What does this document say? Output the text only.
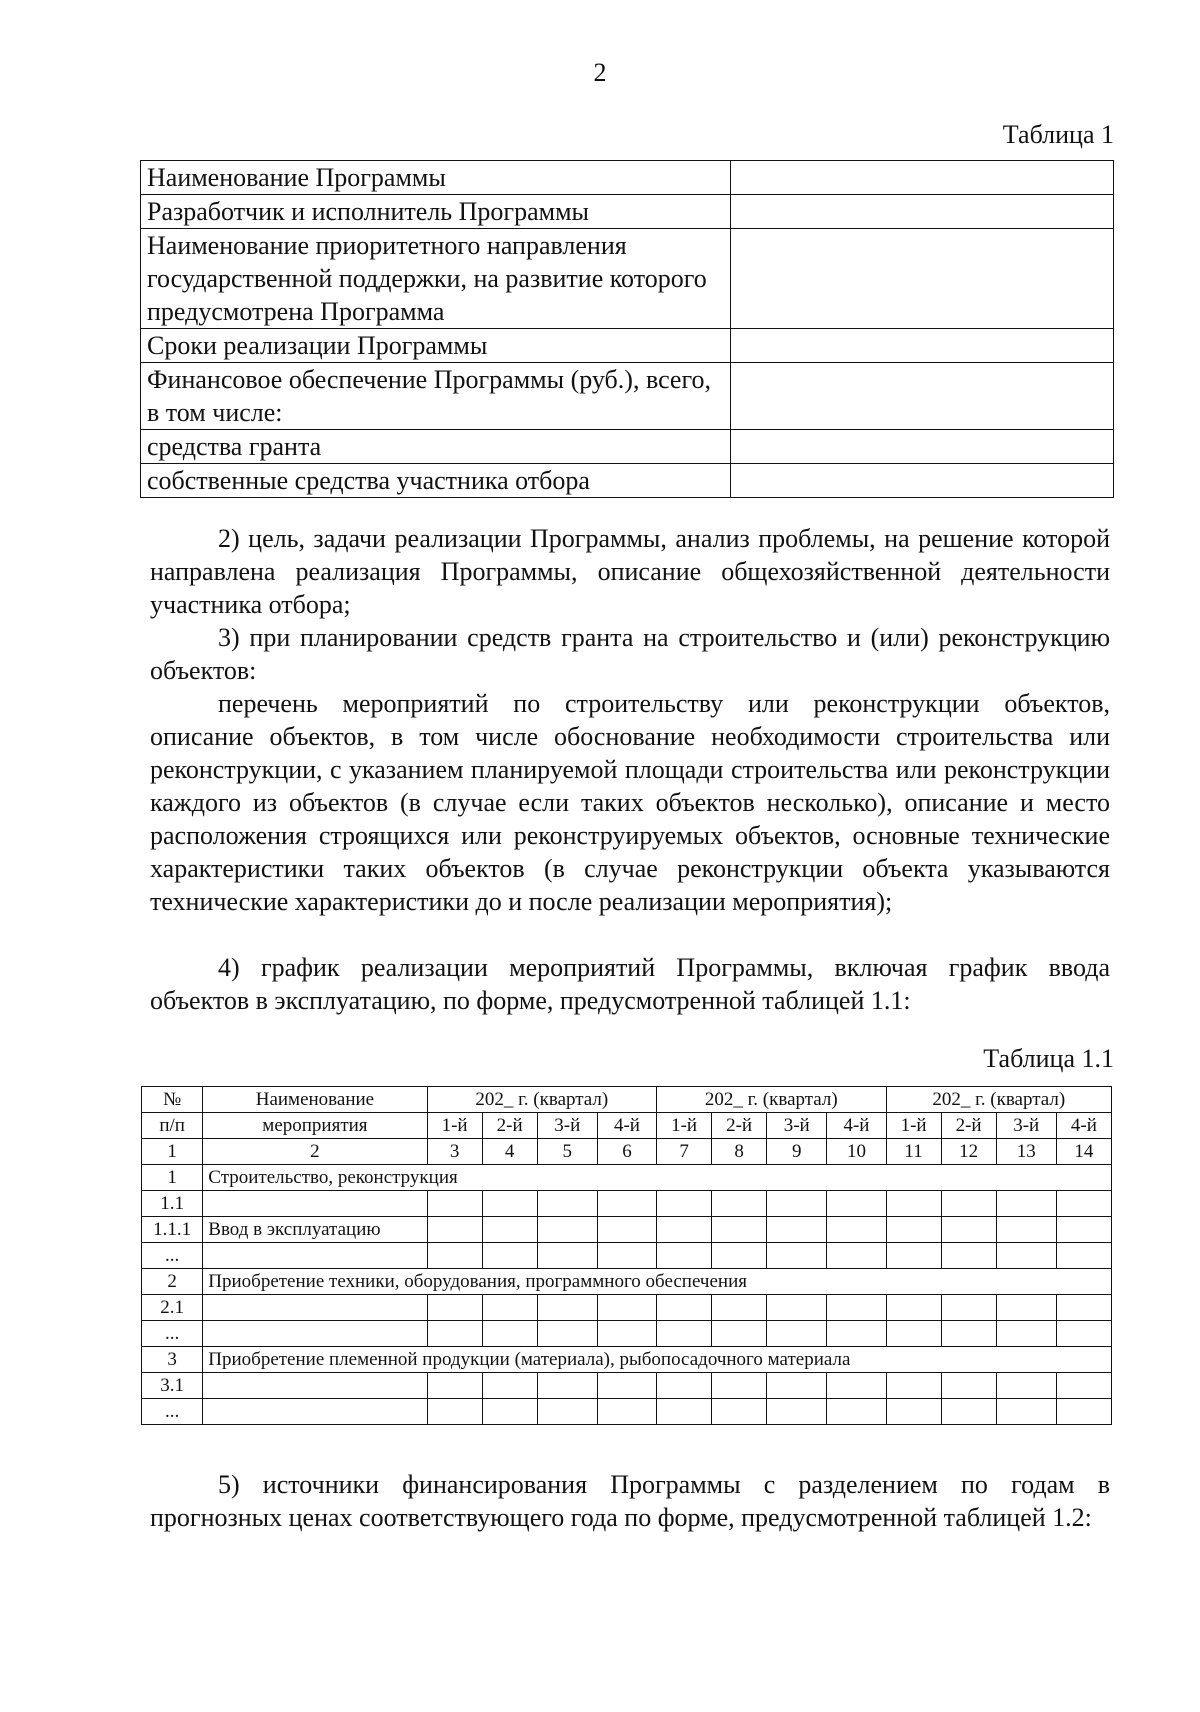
2
Таблица 1
Наименование Программы	
Разработчик и исполнитель Программы	
Наименование приоритетного направления государственной поддержки, на развитие которого предусмотрена Программа	
Сроки реализации Программы	
Финансовое обеспечение Программы (руб.), всего, в том числе:	
средства гранта	
собственные средства участника отбора	

2) цель, задачи реализации Программы, анализ проблемы, на решение которой направлена реализация Программы, описание общехозяйственной деятельности участника отбора;

3) при планировании средств гранта на строительство и (или) реконструкцию объектов:

перечень мероприятий по строительству или реконструкции объектов, описание объектов, в том числе обоснование необходимости строительства или реконструкции, с указанием планируемой площади строительства или реконструкции каждого из объектов (в случае если таких объектов несколько), описание и место расположения строящихся или реконструируемых объектов, основные технические характеристики таких объектов (в случае реконструкции объекта указываются технические характеристики до и после реализации мероприятия);

4) график реализации мероприятий Программы, включая график ввода объектов в эксплуатацию, по форме, предусмотренной таблицей 1.1:

Таблица 1.1
№	Наименование	202_ г. (квартал)				202_ г. (квартал)				202_ г. (квартал)			
п/п	мероприятия	1-й	2-й	3-й	4-й	1-й	2-й	3-й	4-й	1-й	2-й	3-й	4-й
1	2	3	4	5	6	7	8	9	10	11	12	13	14
1	Строительство, реконструкция												
1.1													
1.1.1	Ввод в эксплуатацию												
...													
2	Приобретение техники, оборудования, программного обеспечения												
2.1													
...													
3	Приобретение племенной продукции (материала), рыбопосадочного материала												
3.1													
...													

5) источники финансирования Программы с разделением по годам в прогнозных ценах соответствующего года по форме, предусмотренной таблицей 1.2:
